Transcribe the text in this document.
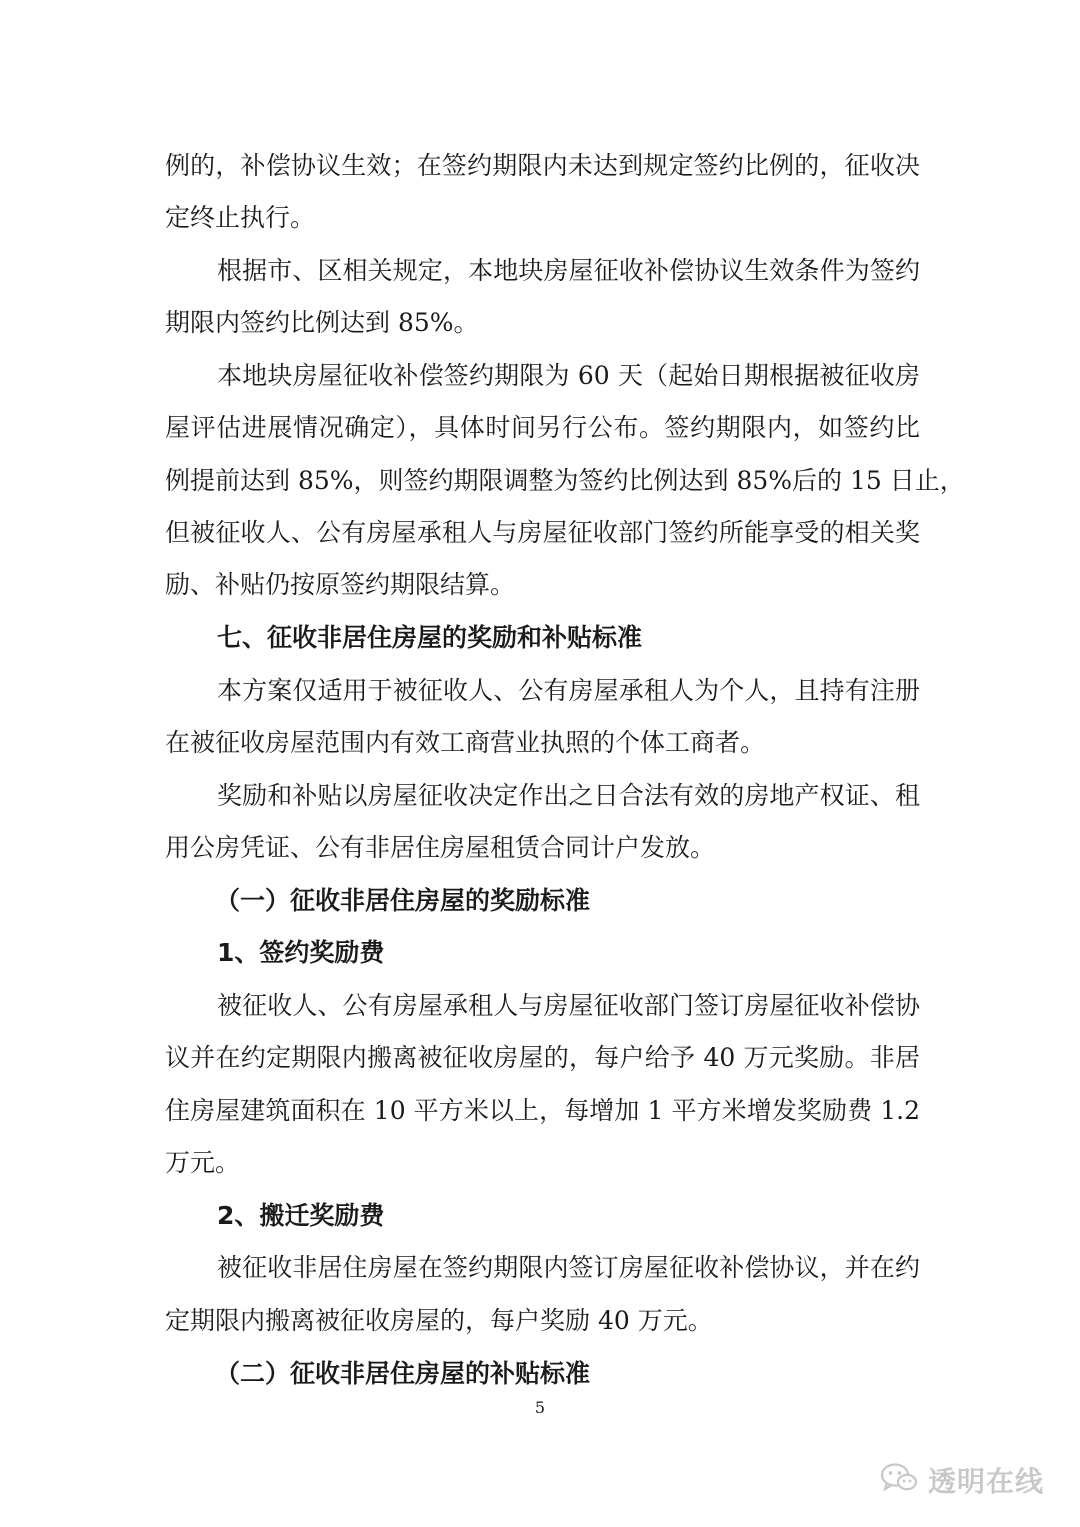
例的，补偿协议生效；在签约期限内未达到规定签约比例的，征收决
定终止执行。
根据市、区相关规定，本地块房屋征收补偿协议生效条件为签约
期限内签约比例达到 85%。
本地块房屋征收补偿签约期限为 60 天（起始日期根据被征收房
屋评估进展情况确定），具体时间另行公布。签约期限内，如签约比
例提前达到 85%，则签约期限调整为签约比例达到 85%后的 15 日止，
但被征收人、公有房屋承租人与房屋征收部门签约所能享受的相关奖
励、补贴仍按原签约期限结算。
七、征收非居住房屋的奖励和补贴标准
本方案仅适用于被征收人、公有房屋承租人为个人，且持有注册
在被征收房屋范围内有效工商营业执照的个体工商者。
奖励和补贴以房屋征收决定作出之日合法有效的房地产权证、租
用公房凭证、公有非居住房屋租赁合同计户发放。
（一）征收非居住房屋的奖励标准
1、签约奖励费
被征收人、公有房屋承租人与房屋征收部门签订房屋征收补偿协
议并在约定期限内搬离被征收房屋的，每户给予 40 万元奖励。非居
住房屋建筑面积在 10 平方米以上，每增加 1 平方米增发奖励费 1.2
万元。
2、搬迁奖励费
被征收非居住房屋在签约期限内签订房屋征收补偿协议，并在约
定期限内搬离被征收房屋的，每户奖励 40 万元。
（二）征收非居住房屋的补贴标准
5
透明在线
